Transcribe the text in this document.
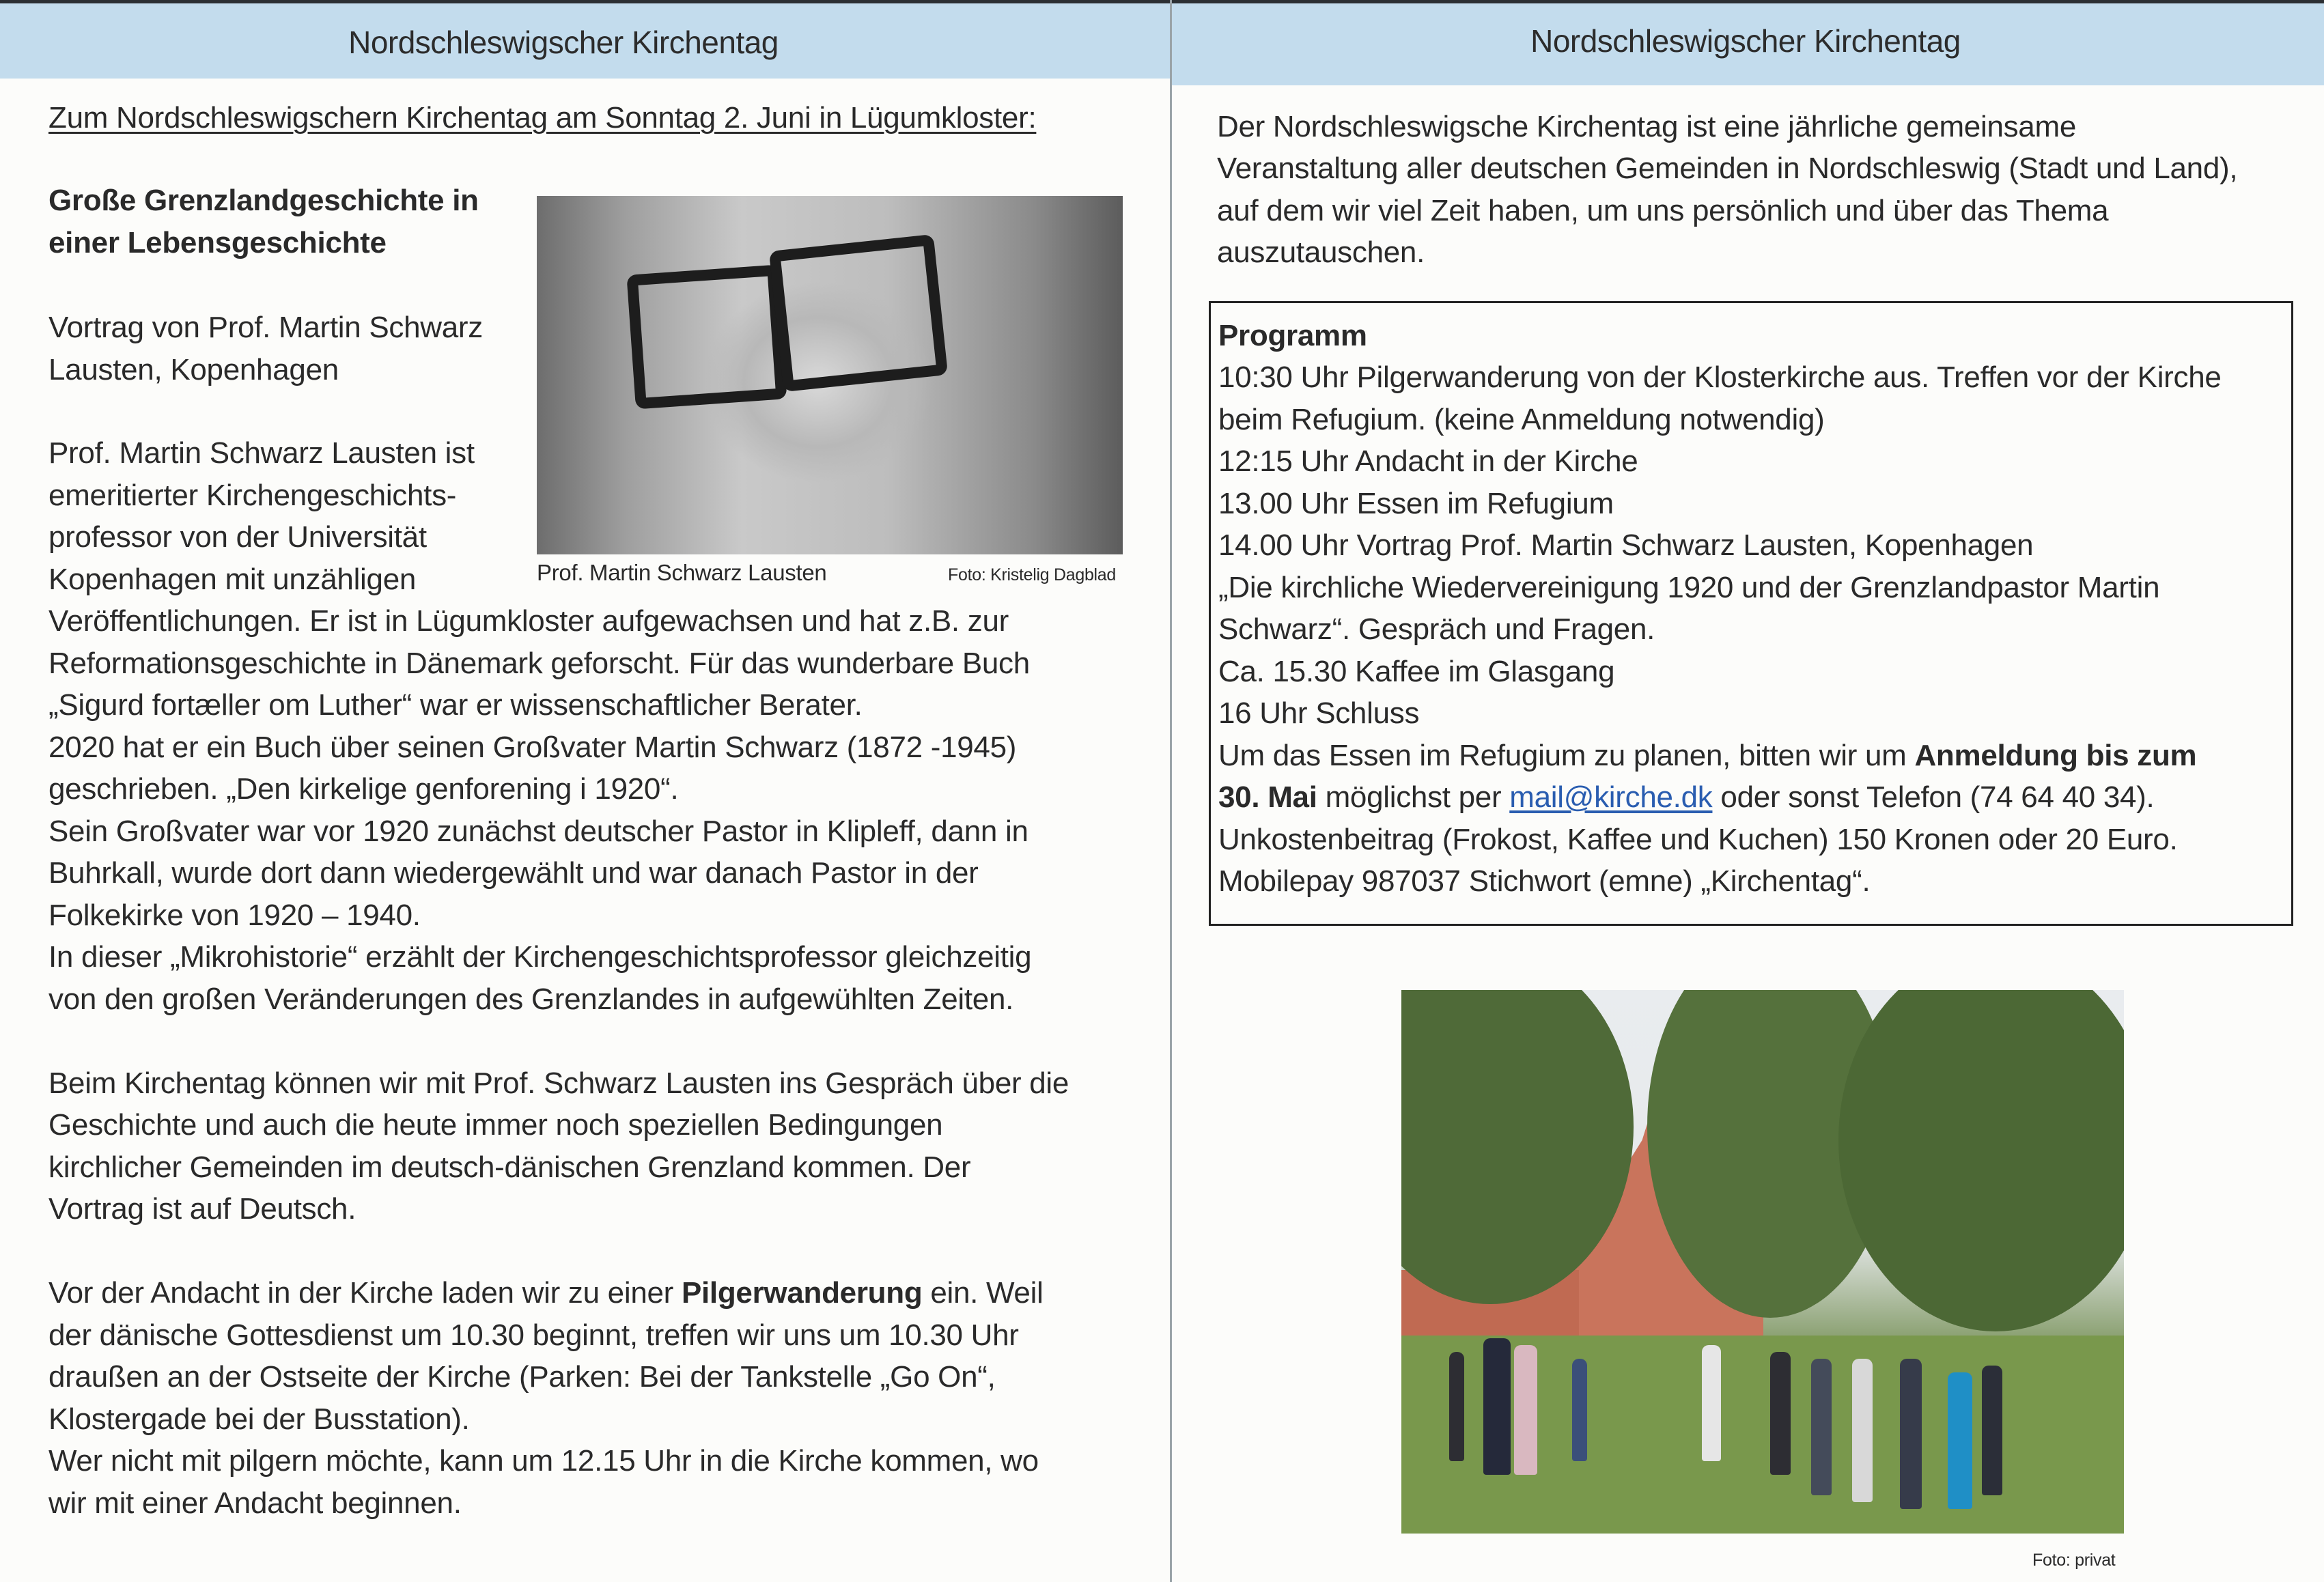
Nordschleswigscher Kirchentag
Zum Nordschleswigschern Kirchentag am Sonntag 2. Juni in Lügumkloster:
Große Grenzlandgeschichte in
einer Lebensgeschichte
Vortrag von Prof. Martin Schwarz
Lausten, Kopenhagen
Prof. Martin Schwarz Lausten	Foto: Kristelig Dagblad
Prof. Martin Schwarz Lausten ist
emeritierter Kirchengeschichts-
professor von der Universität
Kopenhagen mit unzähligen
Veröffentlichungen. Er ist in Lügumkloster aufgewachsen und hat z.B. zur
Reformationsgeschichte in Dänemark geforscht. Für das wunderbare Buch
„Sigurd fortæller om Luther“ war er wissenschaftlicher Berater.
2020 hat er ein Buch über seinen Großvater Martin Schwarz (1872 -1945)
geschrieben. „Den kirkelige genforening i 1920“.
Sein Großvater war vor 1920 zunächst deutscher Pastor in Klipleff, dann in
Buhrkall, wurde dort dann wiedergewählt und war danach Pastor in der
Folkekirke von 1920 – 1940.
In dieser „Mikrohistorie“ erzählt der Kirchengeschichtsprofessor gleichzeitig
von den großen Veränderungen des Grenzlandes in aufgewühlten Zeiten.
Beim Kirchentag können wir mit Prof. Schwarz Lausten ins Gespräch über die
Geschichte und auch die heute immer noch speziellen Bedingungen
kirchlicher Gemeinden im deutsch-dänischen Grenzland kommen. Der
Vortrag ist auf Deutsch.
Vor der Andacht in der Kirche laden wir zu einer Pilgerwanderung ein. Weil
der dänische Gottesdienst um 10.30 beginnt, treffen wir uns um 10.30 Uhr
draußen an der Ostseite der Kirche (Parken: Bei der Tankstelle „Go On“,
Klostergade bei der Busstation).
Wer nicht mit pilgern möchte, kann um 12.15 Uhr in die Kirche kommen, wo
wir mit einer Andacht beginnen.
Nordschleswigscher Kirchentag
Der Nordschleswigsche Kirchentag ist eine jährliche gemeinsame
Veranstaltung aller deutschen Gemeinden in Nordschleswig (Stadt und Land),
auf dem wir viel Zeit haben, um uns persönlich und über das Thema
auszutauschen.
Programm
10:30 Uhr Pilgerwanderung von der Klosterkirche aus. Treffen vor der Kirche
beim Refugium. (keine Anmeldung notwendig)
12:15 Uhr Andacht in der Kirche
13.00 Uhr Essen im Refugium
14.00 Uhr Vortrag Prof. Martin Schwarz Lausten, Kopenhagen
„Die kirchliche Wiedervereinigung 1920 und der Grenzlandpastor Martin
Schwarz“. Gespräch und Fragen.
Ca. 15.30 Kaffee im Glasgang
16 Uhr Schluss
Um das Essen im Refugium zu planen, bitten wir um Anmeldung bis zum
30. Mai möglichst per mail@kirche.dk oder sonst Telefon (74 64 40 34).
Unkostenbeitrag (Frokost, Kaffee und Kuchen) 150 Kronen oder 20 Euro.
Mobilepay 987037 Stichwort (emne) „Kirchentag“.
Foto: privat
